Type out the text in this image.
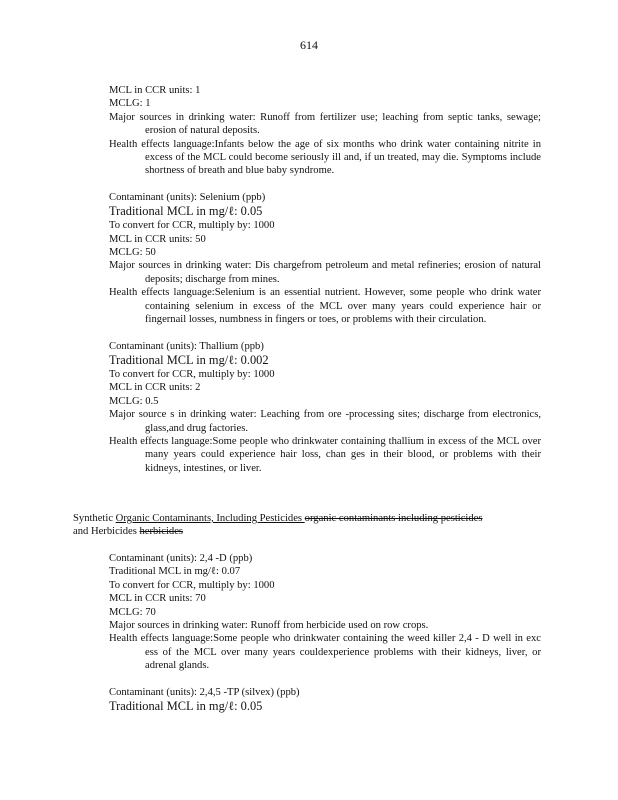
614
MCL in CCR units: 1
MCLG: 1
Major sources in drinking water: Runoff from fertilizer use; leaching from septic tanks, sewage; erosion of natural deposits.
Health effects language:Infants below the age of six months who drink water containing nitrite in excess of the MCL could become seriously ill and, if un treated, may die. Symptoms include shortness of breath and blue baby syndrome.
Contaminant (units): Selenium (ppb)
Traditional MCL in mg/ℓ: 0.05
To convert for CCR, multiply by: 1000
MCL in CCR units: 50
MCLG: 50
Major sources in drinking water: Dis chargefrom petroleum and metal refineries; erosion of natural deposits; discharge from mines.
Health effects language:Selenium is an essential nutrient. However, some people who drink water containing selenium in excess of the MCL over many years could experience hair or fingernail losses, numbness in fingers or toes, or problems with their circulation.
Contaminant (units): Thallium (ppb)
Traditional MCL in mg/ℓ: 0.002
To convert for CCR, multiply by: 1000
MCL in CCR units: 2
MCLG: 0.5
Major source s in drinking water: Leaching from ore -processing sites; discharge from electronics, glass,and drug factories.
Health effects language:Some people who drinkwater containing thallium in excess of the MCL over many years could experience hair loss, chan ges in their blood, or problems with their kidneys, intestines, or liver.
Synthetic Organic Contaminants, Including Pesticides organic contaminants including pesticides
and Herbicides herbicides
Contaminant (units): 2,4 -D (ppb)
Traditional MCL in mg/ℓ: 0.07
To convert for CCR, multiply by: 1000
MCL in CCR units: 70
MCLG: 70
Major sources in drinking water: Runoff from herbicide used on row crops.
Health effects language:Some people who drinkwater containing the weed killer 2,4 - D well in exc ess of the MCL over many years couldexperience problems with their kidneys, liver, or adrenal glands.
Contaminant (units): 2,4,5 -TP (silvex) (ppb)
Traditional MCL in mg/ℓ: 0.05
